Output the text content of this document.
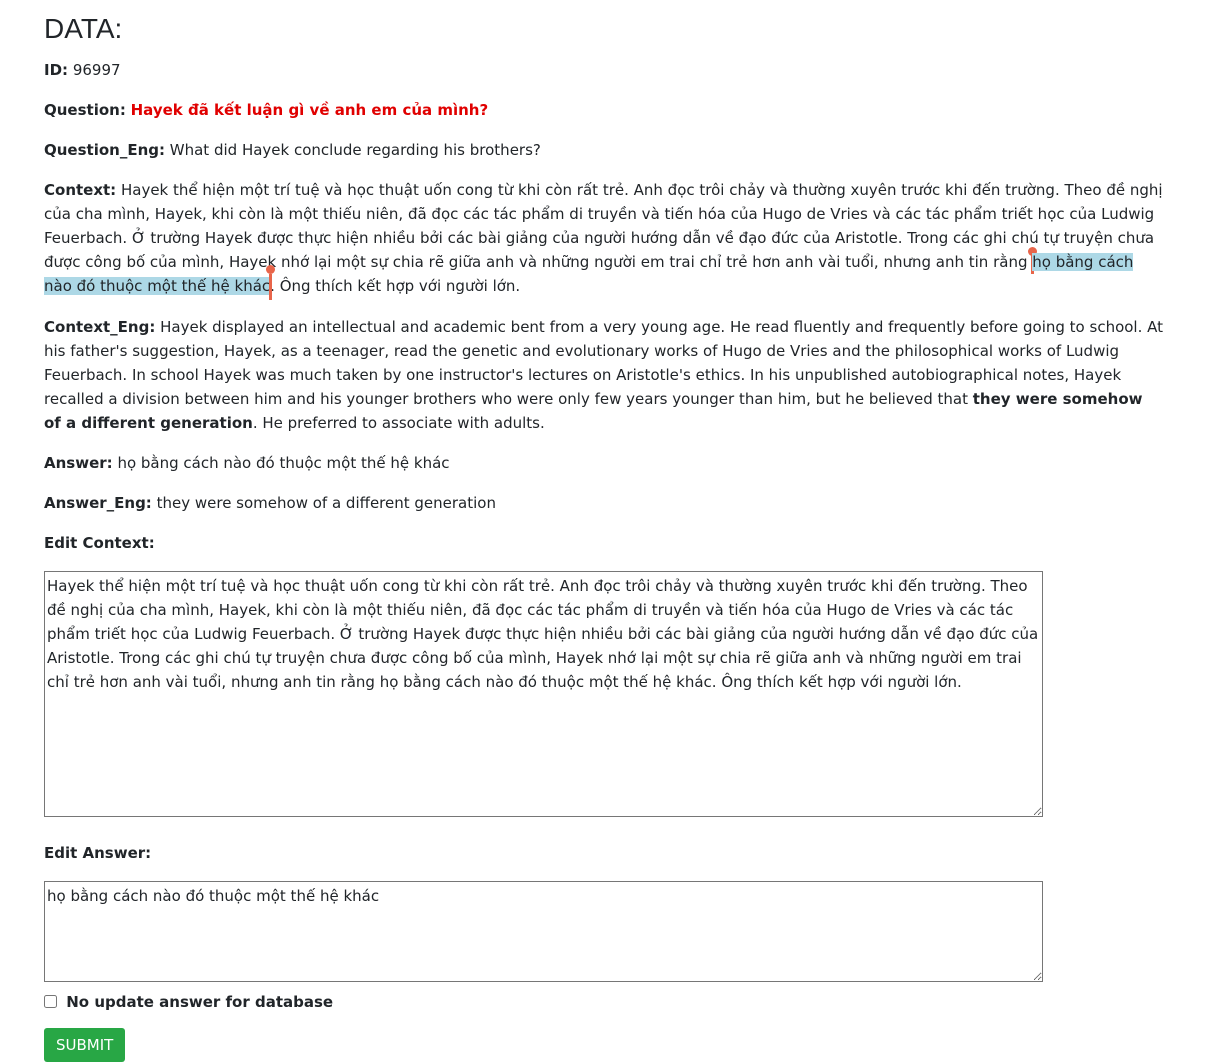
DATA:

ID: 96997

Question: Hayek đã kết luận gì về anh em của mình?

Question_Eng: What did Hayek conclude regarding his brothers?

Context: Hayek thể hiện một trí tuệ và học thuật uốn cong từ khi còn rất trẻ. Anh đọc trôi chảy và thường xuyên trước khi đến trường. Theo đề nghị của cha mình, Hayek, khi còn là một thiếu niên, đã đọc các tác phẩm di truyền và tiến hóa của Hugo de Vries và các tác phẩm triết học của Ludwig Feuerbach. Ở trường Hayek được thực hiện nhiều bởi các bài giảng của người hướng dẫn về đạo đức của Aristotle. Trong các ghi chú tự truyện chưa được công bố của mình, Hayek nhớ lại một sự chia rẽ giữa anh và những người em trai chỉ trẻ hơn anh vài tuổi, nhưng anh tin rằng họ bằng cách nào đó thuộc một thế hệ khác. Ông thích kết hợp với người lớn.

Context_Eng: Hayek displayed an intellectual and academic bent from a very young age. He read fluently and frequently before going to school. At his father's suggestion, Hayek, as a teenager, read the genetic and evolutionary works of Hugo de Vries and the philosophical works of Ludwig Feuerbach. In school Hayek was much taken by one instructor's lectures on Aristotle's ethics. In his unpublished autobiographical notes, Hayek recalled a division between him and his younger brothers who were only few years younger than him, but he believed that they were somehow of a different generation. He preferred to associate with adults.

Answer: họ bằng cách nào đó thuộc một thế hệ khác

Answer_Eng: they were somehow of a different generation

Edit Context:

Hayek thể hiện một trí tuệ và học thuật uốn cong từ khi còn rất trẻ. Anh đọc trôi chảy và thường xuyên trước khi đến trường. Theo đề nghị của cha mình, Hayek, khi còn là một thiếu niên, đã đọc các tác phẩm di truyền và tiến hóa của Hugo de Vries và các tác phẩm triết học của Ludwig Feuerbach. Ở trường Hayek được thực hiện nhiều bởi các bài giảng của người hướng dẫn về đạo đức của Aristotle. Trong các ghi chú tự truyện chưa được công bố của mình, Hayek nhớ lại một sự chia rẽ giữa anh và những người em trai chỉ trẻ hơn anh vài tuổi, nhưng anh tin rằng họ bằng cách nào đó thuộc một thế hệ khác. Ông thích kết hợp với người lớn.

Edit Answer:

họ bằng cách nào đó thuộc một thế hệ khác
No update answer for database
SUBMIT
